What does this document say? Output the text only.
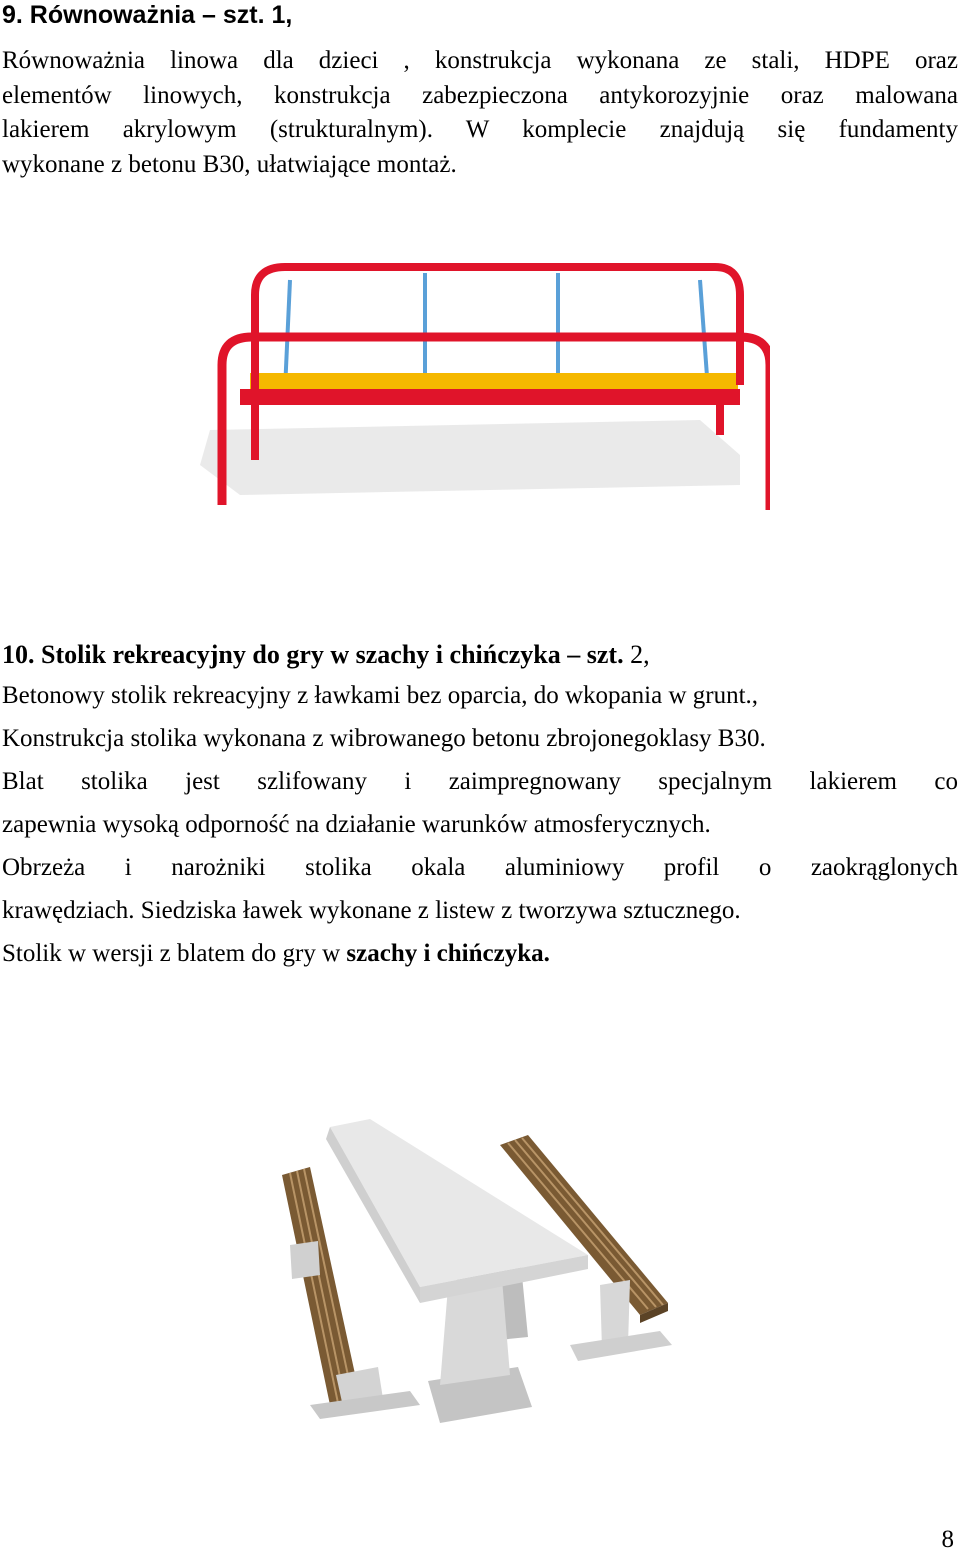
9. Równoważnia – szt. 1,
Równoważnia linowa dla dzieci , konstrukcja wykonana ze stali, HDPE oraz
elementów linowych, konstrukcja zabezpieczona antykorozyjnie oraz malowana
lakierem akrylowym (strukturalnym). W komplecie znajdują się fundamenty
wykonane z betonu B30, ułatwiające montaż.
10. Stolik rekreacyjny do gry w szachy i chińczyka – szt. 2,
Betonowy stolik rekreacyjny z ławkami bez oparcia, do wkopania w grunt.,
Konstrukcja stolika wykonana z wibrowanego betonu zbrojonegoklasy B30.
Blat stolika jest szlifowany i zaimpregnowany specjalnym lakierem co
zapewnia wysoką odporność na działanie warunków atmosferycznych.
Obrzeża i narożniki stolika okala aluminiowy profil o zaokrąglonych
krawędziach. Siedziska ławek wykonane z listew z tworzywa sztucznego.
Stolik w wersji z blatem do gry w szachy i chińczyka.
8
